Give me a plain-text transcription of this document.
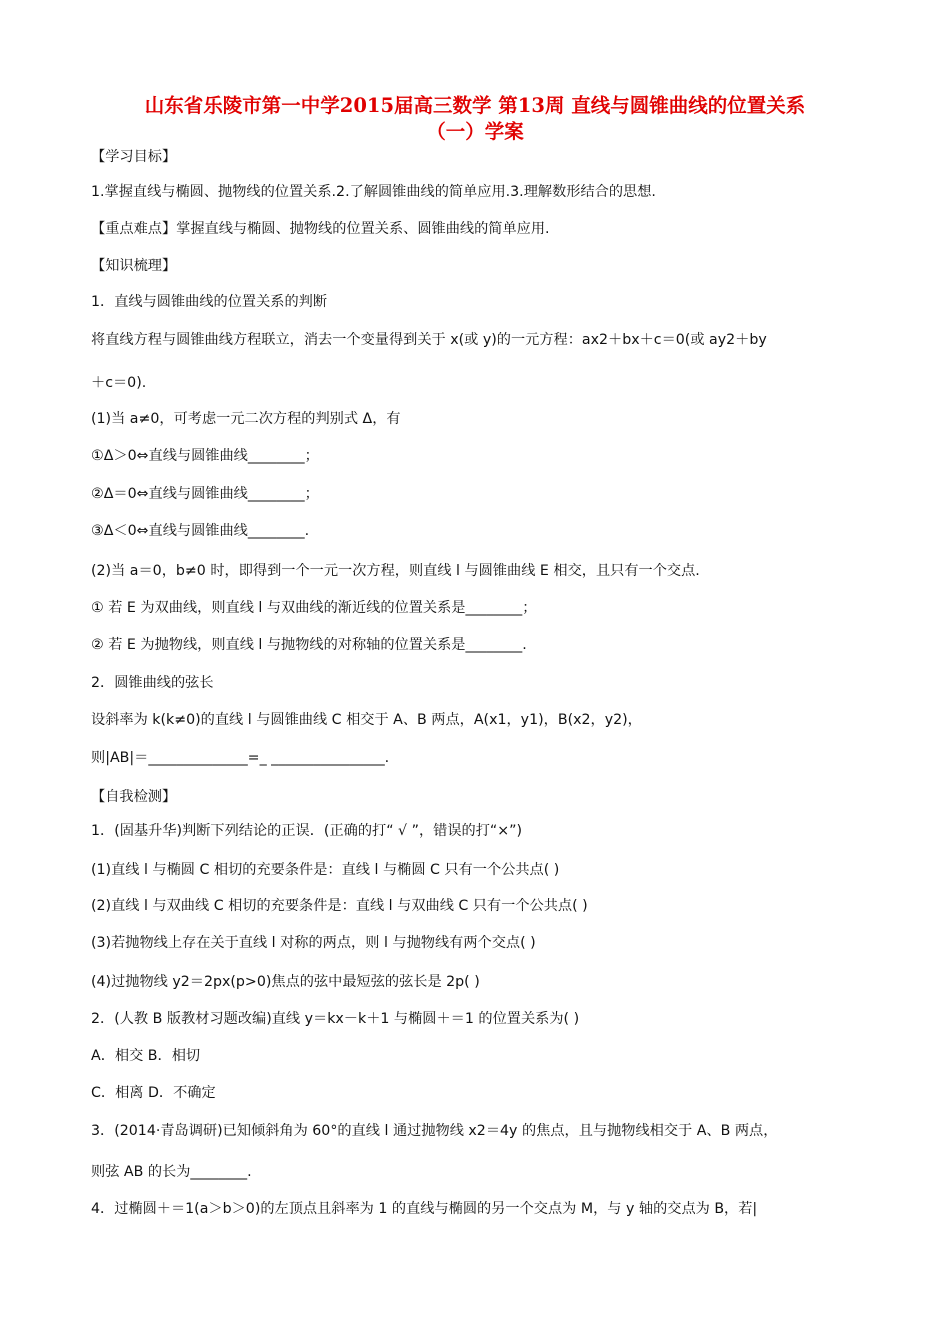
山东省乐陵市第一中学2015届高三数学 第13周 直线与圆锥曲线的位置关系
（一）学案
【学习目标】
1.掌握直线与椭圆、抛物线的位置关系.2.了解圆锥曲线的简单应用.3.理解数形结合的思想.
【重点难点】掌握直线与椭圆、抛物线的位置关系、圆锥曲线的简单应用.
【知识梳理】
1．直线与圆锥曲线的位置关系的判断
将直线方程与圆锥曲线方程联立，消去一个变量得到关于 x(或 y)的一元方程：ax2＋bx＋c＝0(或 ay2＋by
＋c＝0).
(1)当 a≠0，可考虑一元二次方程的判别式 Δ，有
①Δ＞0⇔直线与圆锥曲线________；
②Δ＝0⇔直线与圆锥曲线________；
③Δ＜0⇔直线与圆锥曲线________.
(2)当 a＝0，b≠0 时，即得到一个一元一次方程，则直线 l 与圆锥曲线 E 相交，且只有一个交点.
① 若 E 为双曲线，则直线 l 与双曲线的渐近线的位置关系是________；
② 若 E 为抛物线，则直线 l 与抛物线的对称轴的位置关系是________.
2．圆锥曲线的弦长
设斜率为 k(k≠0)的直线 l 与圆锥曲线 C 相交于 A、B 两点，A(x1，y1)，B(x2，y2)，
则|AB|＝______________=_ ________________.
【自我检测】
1．(固基升华)判断下列结论的正误．(正确的打“ √ ”，错误的打“×”)
(1)直线 l 与椭圆 C 相切的充要条件是：直线 l 与椭圆 C 只有一个公共点( )
(2)直线 l 与双曲线 C 相切的充要条件是：直线 l 与双曲线 C 只有一个公共点( )
(3)若抛物线上存在关于直线 l 对称的两点，则 l 与抛物线有两个交点( )
(4)过抛物线 y2＝2px(p>0)焦点的弦中最短弦的弦长是 2p( )
2．(人教 B 版教材习题改编)直线 y＝kx－k＋1 与椭圆＋＝1 的位置关系为( )
A．相交 B．相切
C．相离 D．不确定
3．(2014·青岛调研)已知倾斜角为 60°的直线 l 通过抛物线 x2＝4y 的焦点，且与抛物线相交于 A、B 两点，
则弦 AB 的长为________.
4．过椭圆＋＝1(a＞b＞0)的左顶点且斜率为 1 的直线与椭圆的另一个交点为 M，与 y 轴的交点为 B，若|
